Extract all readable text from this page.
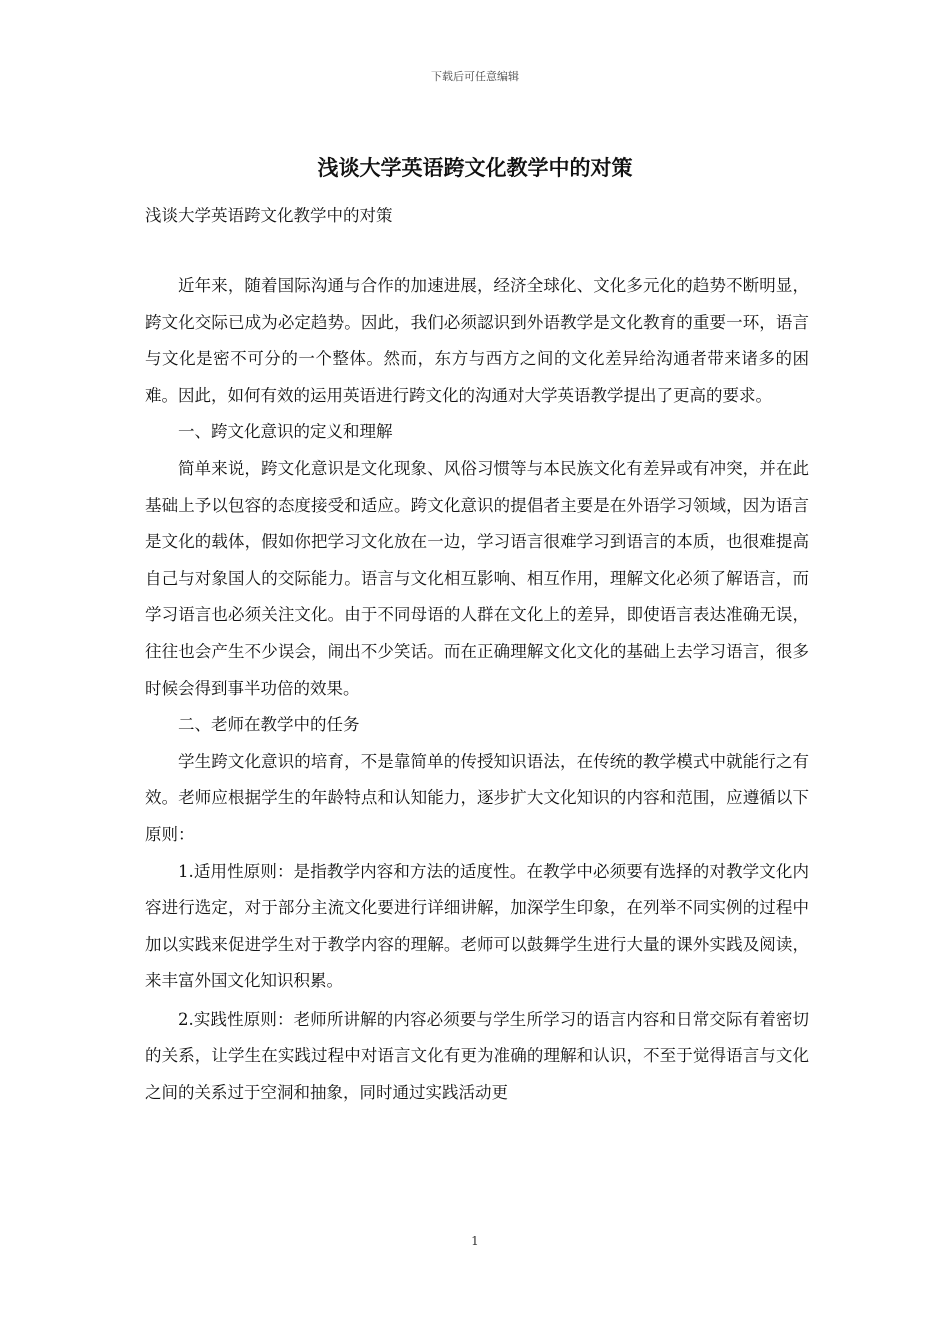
下载后可任意编辑
浅谈大学英语跨文化教学中的对策
浅谈大学英语跨文化教学中的对策

近年来，随着国际沟通与合作的加速进展，经济全球化、文化多元化的趋势不断明显，跨文化交际已成为必定趋势。因此，我们必须認识到外语教学是文化教育的重要一环，语言与文化是密不可分的一个整体。然而，东方与西方之间的文化差异给沟通者带来诸多的困难。因此，如何有效的运用英语进行跨文化的沟通对大学英语教学提出了更高的要求。

一、跨文化意识的定义和理解

简单来说，跨文化意识是文化现象、风俗习惯等与本民族文化有差异或有冲突，并在此基础上予以包容的态度接受和适应。跨文化意识的提倡者主要是在外语学习领域，因为语言是文化的载体，假如你把学习文化放在一边，学习语言很难学习到语言的本质，也很难提高自己与对象国人的交际能力。语言与文化相互影响、相互作用，理解文化必须了解语言，而学习语言也必须关注文化。由于不同母语的人群在文化上的差异，即使语言表达准确无误，往往也会产生不少误会，闹出不少笑话。而在正确理解文化文化的基础上去学习语言，很多时候会得到事半功倍的效果。

二、老师在教学中的任务

学生跨文化意识的培育，不是靠简单的传授知识语法，在传统的教学模式中就能行之有效。老师应根据学生的年龄特点和认知能力，逐步扩大文化知识的内容和范围，应遵循以下原则：

1.适用性原则：是指教学内容和方法的适度性。在教学中必须要有选择的对教学文化内容进行选定，对于部分主流文化要进行详细讲解，加深学生印象，在列举不同实例的过程中加以实践来促进学生对于教学内容的理解。老师可以鼓舞学生进行大量的课外实践及阅读，来丰富外国文化知识积累。

2.实践性原则：老师所讲解的内容必须要与学生所学习的语言内容和日常交际有着密切的关系，让学生在实践过程中对语言文化有更为准确的理解和认识，不至于觉得语言与文化之间的关系过于空洞和抽象，同时通过实践活动更

1
